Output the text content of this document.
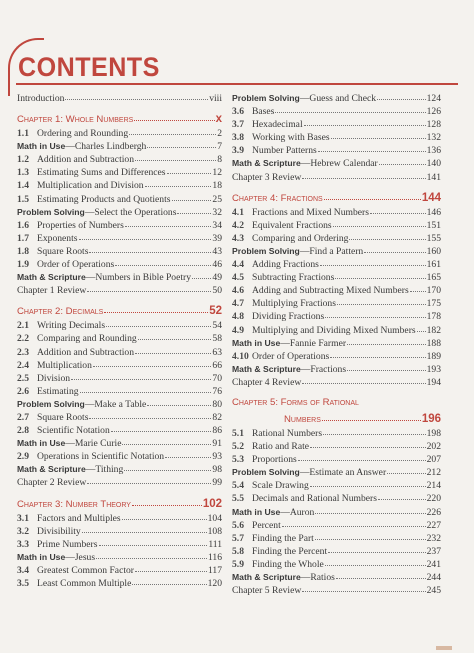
CONTENTS
Introduction	viii
Chapter 1: Whole Numbers	x
1.1 Ordering and Rounding	2
Math in Use —Charles Lindbergh	7
1.2 Addition and Subtraction	8
1.3 Estimating Sums and Differences	12
1.4 Multiplication and Division	18
1.5 Estimating Products and Quotients	25
Problem Solving —Select the Operations	32
1.6 Properties of Numbers	34
1.7 Exponents	39
1.8 Square Roots	43
1.9 Order of Operations	46
Math & Scripture —Numbers in Bible Poetry 49
Chapter 1 Review	50
Chapter 2: Decimals	52
2.1 Writing Decimals	54
2.2 Comparing and Rounding	58
2.3 Addition and Subtraction	63
2.4 Multiplication	66
2.5 Division	70
2.6 Estimating	76
Problem Solving —Make a Table	80
2.7 Square Roots	82
2.8 Scientific Notation	86
Math in Use —Marie Curie	91
2.9 Operations in Scientific Notation	93
Math & Scripture —Tithing	98
Chapter 2 Review	99
Chapter 3: Number Theory	102
3.1 Factors and Multiples	104
3.2 Divisibility	108
3.3 Prime Numbers	111
Math in Use —Jesus	116
3.4 Greatest Common Factor	117
3.5 Least Common Multiple	120
Problem Solving —Guess and Check	124
3.6 Bases	126
3.7 Hexadecimal	128
3.8 Working with Bases	132
3.9 Number Patterns	136
Math & Scripture —Hebrew Calendar	140
Chapter 3 Review	141
Chapter 4: Fractions	144
4.1 Fractions and Mixed Numbers	146
4.2 Equivalent Fractions	151
4.3 Comparing and Ordering	155
Problem Solving —Find a Pattern	160
4.4 Adding Fractions	161
4.5 Subtracting Fractions	165
4.6 Adding and Subtracting Mixed Numbers 170
4.7 Multiplying Fractions	175
4.8 Dividing Fractions	178
4.9 Multiplying and Dividing Mixed Numbers 182
Math in Use —Fannie Farmer	188
4.10 Order of Operations	189
Math & Scripture —Fractions	193
Chapter 4 Review	194
Chapter 5: Forms of Rational
Numbers	196
5.1 Rational Numbers	198
5.2 Ratio and Rate	202
5.3 Proportions	207
Problem Solving —Estimate an Answer	212
5.4 Scale Drawing	214
5.5 Decimals and Rational Numbers	220
Math in Use —Auron	226
5.6 Percent	227
5.7 Finding the Part	232
5.8 Finding the Percent	237
5.9 Finding the Whole	241
Math & Scripture —Ratios	244
Chapter 5 Review	245
